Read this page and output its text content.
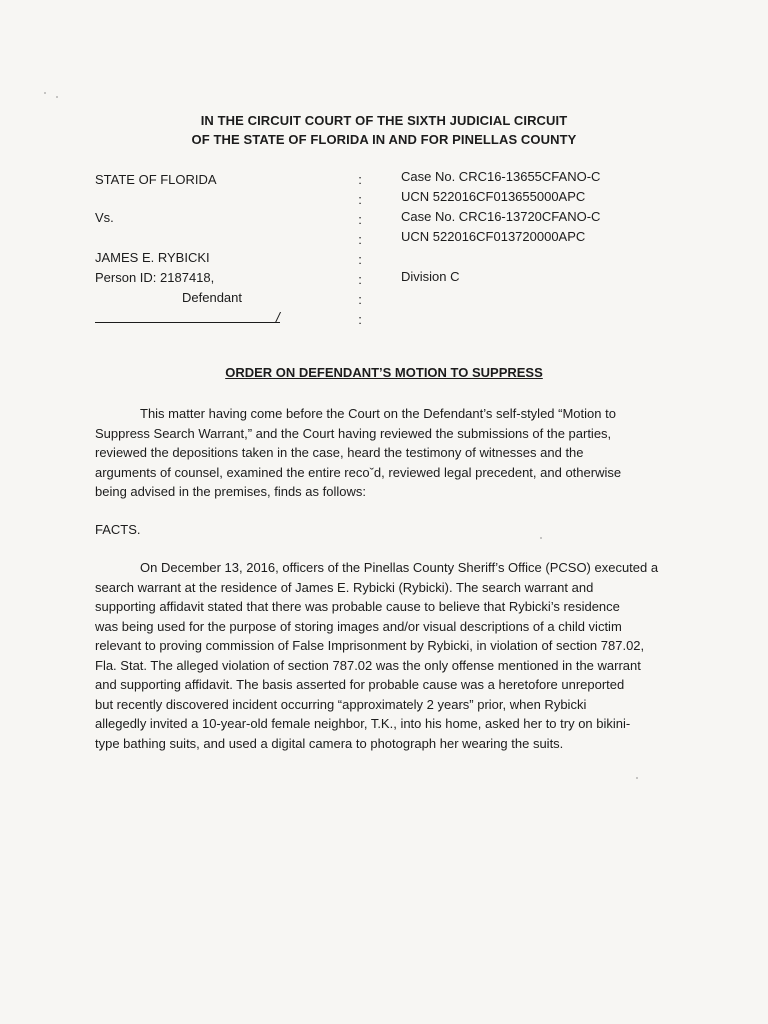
IN THE CIRCUIT COURT OF THE SIXTH JUDICIAL CIRCUIT
OF THE STATE OF FLORIDA IN AND FOR PINELLAS COUNTY
STATE OF FLORIDA
Vs.
JAMES E. RYBICKI
Person ID: 2187418,
Defendant
/
:
:
:
:
:
:
:
:
Case No. CRC16-13655CFANO-C
UCN 522016CF013655000APC
Case No. CRC16-13720CFANO-C
UCN 522016CF013720000APC
Division C
ORDER ON DEFENDANT’S MOTION TO SUPPRESS
This matter having come before the Court on the Defendant’s self-styled “Motion to
Suppress Search Warrant,” and the Court having reviewed the submissions of the parties,
reviewed the depositions taken in the case, heard the testimony of witnesses and the
arguments of counsel, examined the entire recoˇd, reviewed legal precedent, and otherwise
being advised in the premises, finds as follows:
FACTS.
On December 13, 2016, officers of the Pinellas County Sheriff’s Office (PCSO) executed a
search warrant at the residence of James E. Rybicki (Rybicki). The search warrant and
supporting affidavit stated that there was probable cause to believe that Rybicki’s residence
was being used for the purpose of storing images and/or visual descriptions of a child victim
relevant to proving commission of False Imprisonment by Rybicki, in violation of section 787.02,
Fla. Stat. The alleged violation of section 787.02 was the only offense mentioned in the warrant
and supporting affidavit. The basis asserted for probable cause was a heretofore unreported
but recently discovered incident occurring “approximately 2 years” prior, when Rybicki
allegedly invited a 10-year-old female neighbor, T.K., into his home, asked her to try on bikini-
type bathing suits, and used a digital camera to photograph her wearing the suits.
